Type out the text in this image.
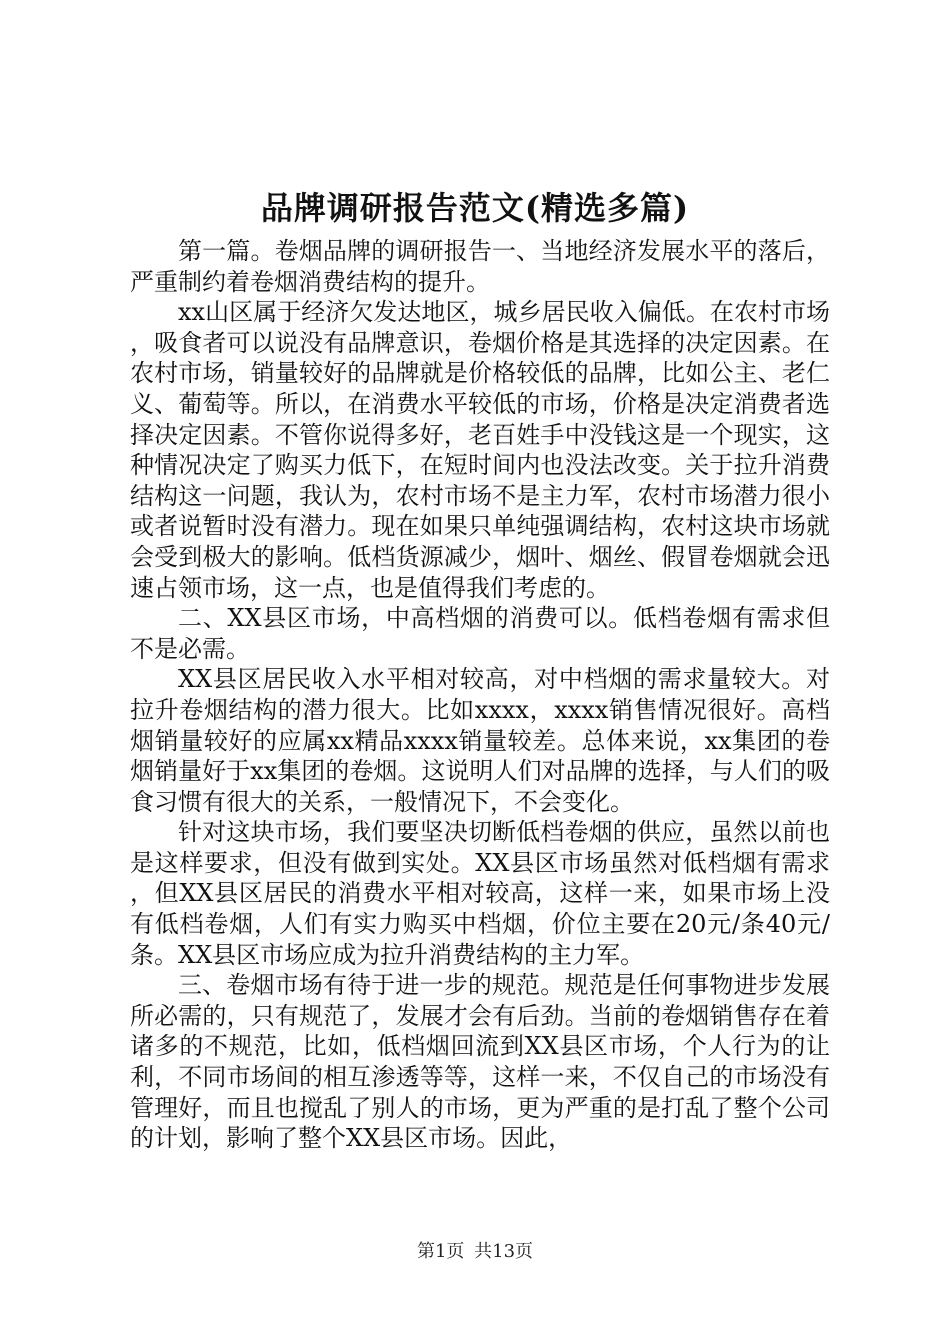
品牌调研报告范文(精选多篇)

第一篇。卷烟品牌的调研报告一、当地经济发展水平的落后，严重制约着卷烟消费结构的提升。

xx山区属于经济欠发达地区，城乡居民收入偏低。在农村市场，吸食者可以说没有品牌意识，卷烟价格是其选择的决定因素。在农村市场，销量较好的品牌就是价格较低的品牌，比如公主、老仁义、葡萄等。所以，在消费水平较低的市场，价格是决定消费者选择决定因素。不管你说得多好，老百姓手中没钱这是一个现实，这种情况决定了购买力低下，在短时间内也没法改变。关于拉升消费结构这一问题，我认为，农村市场不是主力军，农村市场潜力很小或者说暂时没有潜力。现在如果只单纯强调结构，农村这块市场就会受到极大的影响。低档货源减少，烟叶、烟丝、假冒卷烟就会迅速占领市场，这一点，也是值得我们考虑的。

二、XX县区市场，中高档烟的消费可以。低档卷烟有需求但不是必需。

XX县区居民收入水平相对较高，对中档烟的需求量较大。对拉升卷烟结构的潜力很大。比如xxxx，xxxx销售情况很好。高档烟销量较好的应属xx精品xxxx销量较差。总体来说，xx集团的卷烟销量好于xx集团的卷烟。这说明人们对品牌的选择，与人们的吸食习惯有很大的关系，一般情况下，不会变化。

针对这块市场，我们要坚决切断低档卷烟的供应，虽然以前也是这样要求，但没有做到实处。XX县区市场虽然对低档烟有需求，但XX县区居民的消费水平相对较高，这样一来，如果市场上没有低档卷烟，人们有实力购买中档烟，价位主要在20元/条40元/条。XX县区市场应成为拉升消费结构的主力军。

三、卷烟市场有待于进一步的规范。规范是任何事物进步发展所必需的，只有规范了，发展才会有后劲。当前的卷烟销售存在着诸多的不规范，比如，低档烟回流到XX县区市场，个人行为的让利，不同市场间的相互渗透等等，这样一来，不仅自己的市场没有管理好，而且也搅乱了别人的市场，更为严重的是打乱了整个公司的计划，影响了整个XX县区市场。因此，

第1页 共13页
